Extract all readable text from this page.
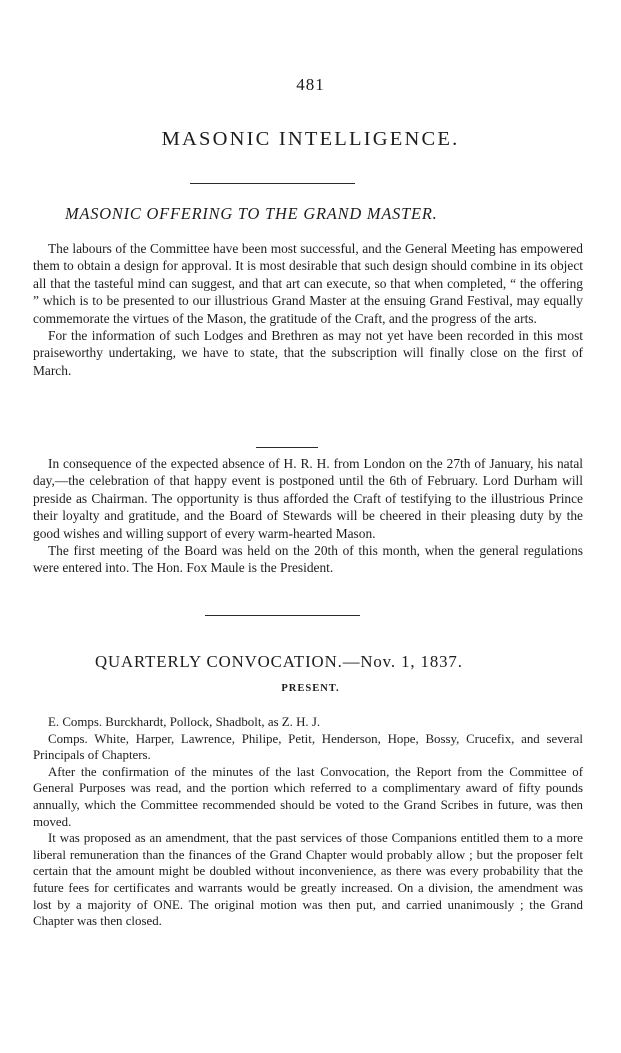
481
MASONIC INTELLIGENCE.
MASONIC OFFERING TO THE GRAND MASTER.

The labours of the Committee have been most successful, and the General Meeting has empowered them to obtain a design for approval. It is most desirable that such design should combine in its object all that the tasteful mind can suggest, and that art can execute, so that when completed, “ the offering ” which is to be presented to our illustrious Grand Master at the ensuing Grand Festival, may equally commemorate the virtues of the Mason, the gratitude of the Craft, and the progress of the arts.

For the information of such Lodges and Brethren as may not yet have been recorded in this most praiseworthy undertaking, we have to state, that the subscription will finally close on the first of March.

In consequence of the expected absence of H. R. H. from London on the 27th of January, his natal day,—the celebration of that happy event is postponed until the 6th of February. Lord Durham will preside as Chairman. The opportunity is thus afforded the Craft of testifying to the illustrious Prince their loyalty and gratitude, and the Board of Stewards will be cheered in their pleasing duty by the good wishes and willing support of every warm-hearted Mason.

The first meeting of the Board was held on the 20th of this month, when the general regulations were entered into. The Hon. Fox Maule is the President.

QUARTERLY CONVOCATION.—Nov. 1, 1837.
PRESENT.

E. Comps. Burckhardt, Pollock, Shadbolt, as Z. H. J.

Comps. White, Harper, Lawrence, Philipe, Petit, Henderson, Hope, Bossy, Crucefix, and several Principals of Chapters.

After the confirmation of the minutes of the last Convocation, the Report from the Committee of General Purposes was read, and the portion which referred to a complimentary award of fifty pounds annually, which the Committee recommended should be voted to the Grand Scribes in future, was then moved.

It was proposed as an amendment, that the past services of those Companions entitled them to a more liberal remuneration than the finances of the Grand Chapter would probably allow ; but the proposer felt certain that the amount might be doubled without inconvenience, as there was every probability that the future fees for certificates and warrants would be greatly increased. On a division, the amendment was lost by a majority of ONE. The original motion was then put, and carried unanimously ; the Grand Chapter was then closed.
